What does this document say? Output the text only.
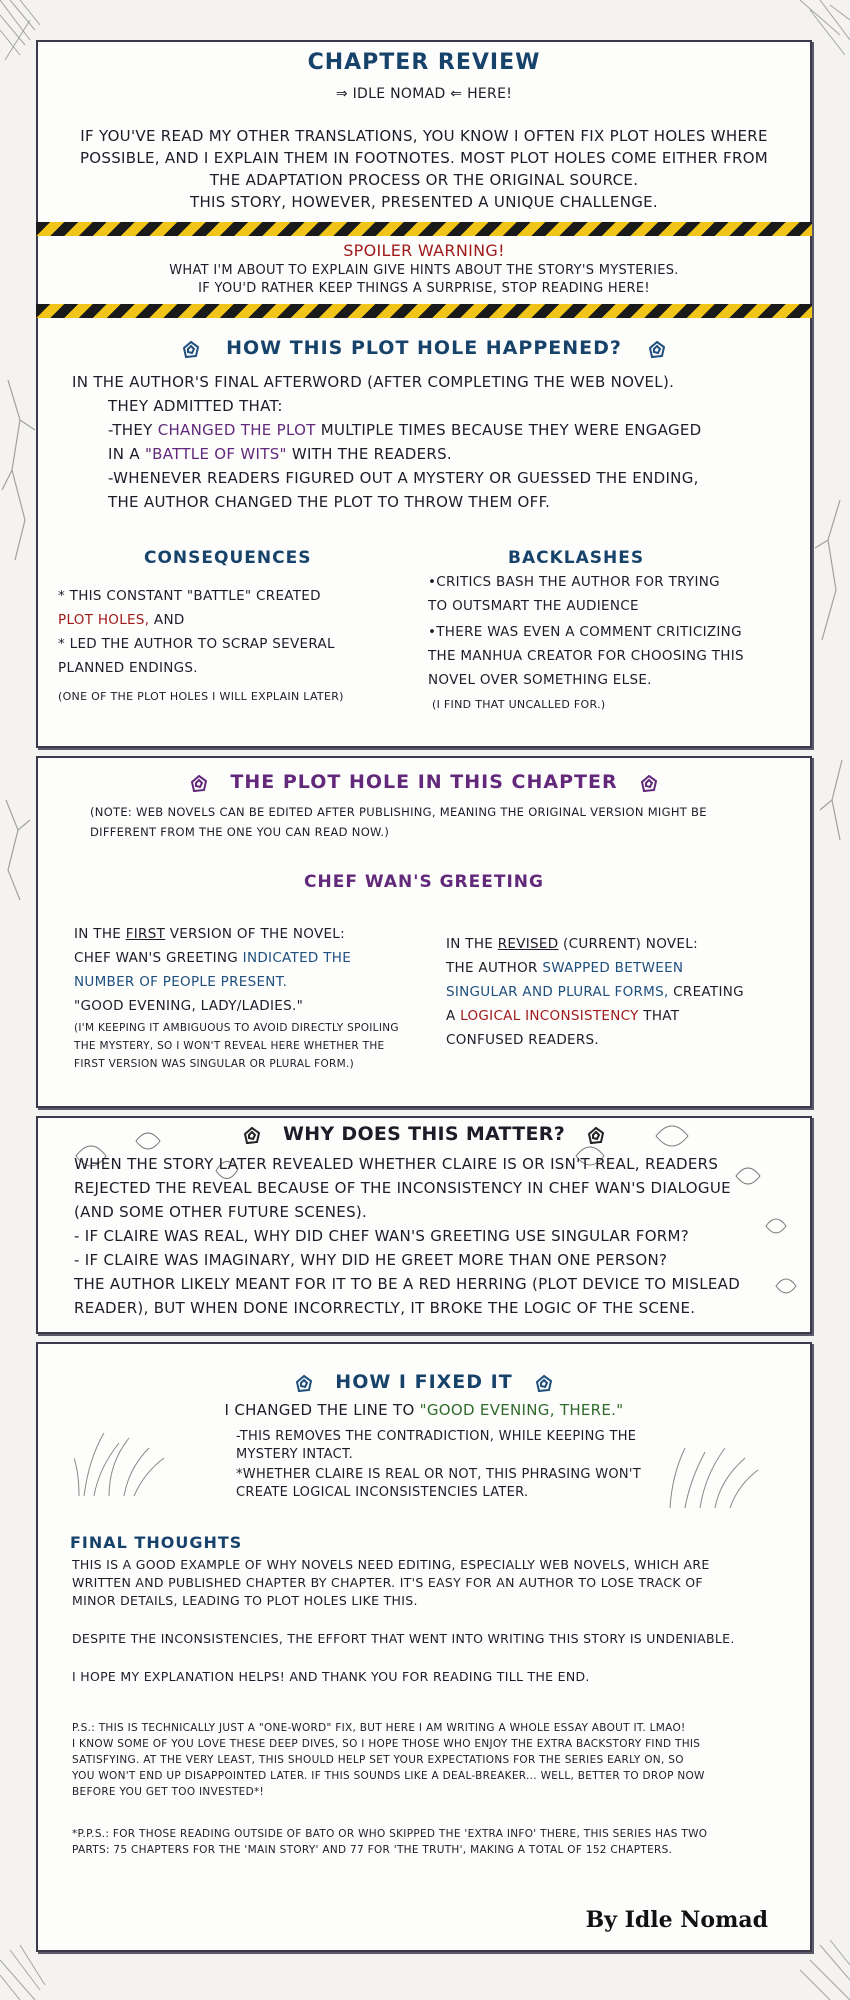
CHAPTER REVIEW
⇒ IDLE NOMAD ⇐ HERE!
IF YOU'VE READ MY OTHER TRANSLATIONS, YOU KNOW I OFTEN FIX PLOT HOLES WHERE
POSSIBLE, AND I EXPLAIN THEM IN FOOTNOTES. MOST PLOT HOLES COME EITHER FROM
THE ADAPTATION PROCESS OR THE ORIGINAL SOURCE.
THIS STORY, HOWEVER, PRESENTED A UNIQUE CHALLENGE.
SPOILER WARNING!
WHAT I'M ABOUT TO EXPLAIN GIVE HINTS ABOUT THE STORY'S MYSTERIES.
IF YOU'D RATHER KEEP THINGS A SURPRISE, STOP READING HERE!
HOW THIS PLOT HOLE HAPPENED?
IN THE AUTHOR'S FINAL AFTERWORD (AFTER COMPLETING THE WEB NOVEL).
THEY ADMITTED THAT:
-THEY CHANGED THE PLOT MULTIPLE TIMES BECAUSE THEY WERE ENGAGED
IN A "BATTLE OF WITS" WITH THE READERS.
-WHENEVER READERS FIGURED OUT A MYSTERY OR GUESSED THE ENDING,
THE AUTHOR CHANGED THE PLOT TO THROW THEM OFF.
CONSEQUENCES
* THIS CONSTANT "BATTLE" CREATED
PLOT HOLES, AND
* LED THE AUTHOR TO SCRAP SEVERAL
PLANNED ENDINGS.
(ONE OF THE PLOT HOLES I WILL EXPLAIN LATER)
BACKLASHES
•CRITICS BASH THE AUTHOR FOR TRYING
TO OUTSMART THE AUDIENCE
•THERE WAS EVEN A COMMENT CRITICIZING
THE MANHUA CREATOR FOR CHOOSING THIS
NOVEL OVER SOMETHING ELSE.
(I FIND THAT UNCALLED FOR.)
THE PLOT HOLE IN THIS CHAPTER
(NOTE: WEB NOVELS CAN BE EDITED AFTER PUBLISHING, MEANING THE ORIGINAL VERSION MIGHT BE
DIFFERENT FROM THE ONE YOU CAN READ NOW.)
CHEF WAN'S GREETING
IN THE FIRST VERSION OF THE NOVEL:
CHEF WAN'S GREETING INDICATED THE
NUMBER OF PEOPLE PRESENT.
"GOOD EVENING, LADY/LADIES."
(I'M KEEPING IT AMBIGUOUS TO AVOID DIRECTLY SPOILING
THE MYSTERY, SO I WON'T REVEAL HERE WHETHER THE
FIRST VERSION WAS SINGULAR OR PLURAL FORM.)
IN THE REVISED (CURRENT) NOVEL:
THE AUTHOR SWAPPED BETWEEN
SINGULAR AND PLURAL FORMS, CREATING
A LOGICAL INCONSISTENCY THAT
CONFUSED READERS.
WHY DOES THIS MATTER?
WHEN THE STORY LATER REVEALED WHETHER CLAIRE IS OR ISN'T REAL, READERS
REJECTED THE REVEAL BECAUSE OF THE INCONSISTENCY IN CHEF WAN'S DIALOGUE
(AND SOME OTHER FUTURE SCENES).
- IF CLAIRE WAS REAL, WHY DID CHEF WAN'S GREETING USE SINGULAR FORM?
- IF CLAIRE WAS IMAGINARY, WHY DID HE GREET MORE THAN ONE PERSON?
THE AUTHOR LIKELY MEANT FOR IT TO BE A RED HERRING (PLOT DEVICE TO MISLEAD
READER), BUT WHEN DONE INCORRECTLY, IT BROKE THE LOGIC OF THE SCENE.
HOW I FIXED IT
I CHANGED THE LINE TO "GOOD EVENING, THERE."
-THIS REMOVES THE CONTRADICTION, WHILE KEEPING THE
MYSTERY INTACT.
*WHETHER CLAIRE IS REAL OR NOT, THIS PHRASING WON'T
CREATE LOGICAL INCONSISTENCIES LATER.
FINAL THOUGHTS
THIS IS A GOOD EXAMPLE OF WHY NOVELS NEED EDITING, ESPECIALLY WEB NOVELS, WHICH ARE
WRITTEN AND PUBLISHED CHAPTER BY CHAPTER. IT'S EASY FOR AN AUTHOR TO LOSE TRACK OF
MINOR DETAILS, LEADING TO PLOT HOLES LIKE THIS.
DESPITE THE INCONSISTENCIES, THE EFFORT THAT WENT INTO WRITING THIS STORY IS UNDENIABLE.
I HOPE MY EXPLANATION HELPS! AND THANK YOU FOR READING TILL THE END.
P.S.: THIS IS TECHNICALLY JUST A "ONE-WORD" FIX, BUT HERE I AM WRITING A WHOLE ESSAY ABOUT IT. LMAO!
I KNOW SOME OF YOU LOVE THESE DEEP DIVES, SO I HOPE THOSE WHO ENJOY THE EXTRA BACKSTORY FIND THIS
SATISFYING. AT THE VERY LEAST, THIS SHOULD HELP SET YOUR EXPECTATIONS FOR THE SERIES EARLY ON, SO
YOU WON'T END UP DISAPPOINTED LATER. IF THIS SOUNDS LIKE A DEAL-BREAKER... WELL, BETTER TO DROP NOW
BEFORE YOU GET TOO INVESTED*!
*P.P.S.: FOR THOSE READING OUTSIDE OF BATO OR WHO SKIPPED THE 'EXTRA INFO' THERE, THIS SERIES HAS TWO
PARTS: 75 CHAPTERS FOR THE 'MAIN STORY' AND 77 FOR 'THE TRUTH', MAKING A TOTAL OF 152 CHAPTERS.
By Idle Nomad
